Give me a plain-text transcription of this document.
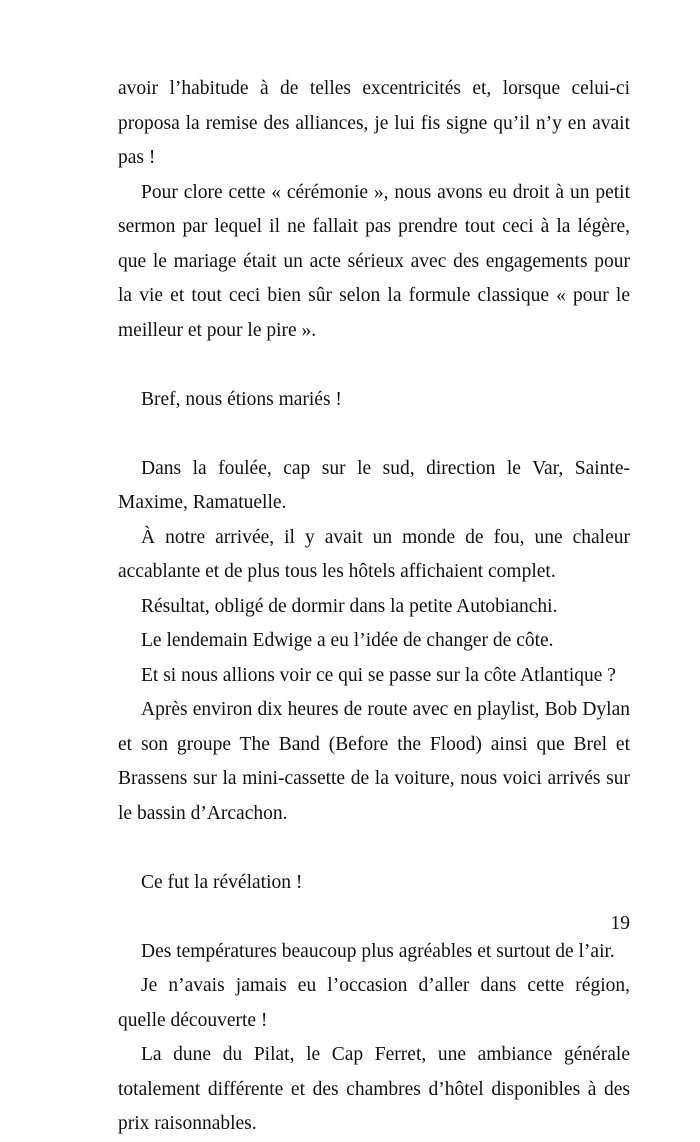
avoir l’habitude à de telles excentricités et, lorsque celui-ci proposa la remise des alliances, je lui fis signe qu’il n’y en avait pas !

Pour clore cette « cérémonie », nous avons eu droit à un petit sermon par lequel il ne fallait pas prendre tout ceci à la légère, que le mariage était un acte sérieux avec des engagements pour la vie et tout ceci bien sûr selon la formule classique « pour le meilleur et pour le pire ».

Bref, nous étions mariés !

Dans la foulée, cap sur le sud, direction le Var, Sainte-Maxime, Ramatuelle.

À notre arrivée, il y avait un monde de fou, une chaleur accablante et de plus tous les hôtels affichaient complet.

Résultat, obligé de dormir dans la petite Autobianchi.

Le lendemain Edwige a eu l’idée de changer de côte.

Et si nous allions voir ce qui se passe sur la côte Atlantique ?

Après environ dix heures de route avec en playlist, Bob Dylan et son groupe The Band (Before the Flood) ainsi que Brel et Brassens sur la mini-cassette de la voiture, nous voici arrivés sur le bassin d’Arcachon.

Ce fut la révélation !

Des températures beaucoup plus agréables et surtout de l’air.

Je n’avais jamais eu l’occasion d’aller dans cette région, quelle découverte !

La dune du Pilat, le Cap Ferret, une ambiance générale totalement différente et des chambres d’hôtel disponibles à des prix raisonnables.

19
